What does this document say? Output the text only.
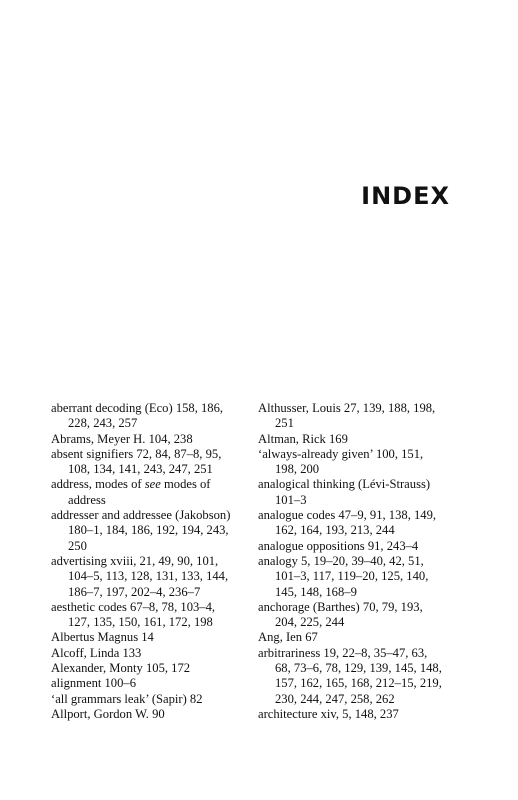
INDEX
aberrant decoding (Eco) 158, 186,
228, 243, 257
Abrams, Meyer H. 104, 238
absent signifiers 72, 84, 87–8, 95,
108, 134, 141, 243, 247, 251
address, modes of see modes of
address
addresser and addressee (Jakobson)
180–1, 184, 186, 192, 194, 243,
250
advertising xviii, 21, 49, 90, 101,
104–5, 113, 128, 131, 133, 144,
186–7, 197, 202–4, 236–7
aesthetic codes 67–8, 78, 103–4,
127, 135, 150, 161, 172, 198
Albertus Magnus 14
Alcoff, Linda 133
Alexander, Monty 105, 172
alignment 100–6
‘all grammars leak’ (Sapir) 82
Allport, Gordon W. 90
Althusser, Louis 27, 139, 188, 198,
251
Altman, Rick 169
‘always-already given’ 100, 151,
198, 200
analogical thinking (Lévi-Strauss)
101–3
analogue codes 47–9, 91, 138, 149,
162, 164, 193, 213, 244
analogue oppositions 91, 243–4
analogy 5, 19–20, 39–40, 42, 51,
101–3, 117, 119–20, 125, 140,
145, 148, 168–9
anchorage (Barthes) 70, 79, 193,
204, 225, 244
Ang, Ien 67
arbitrariness 19, 22–8, 35–47, 63,
68, 73–6, 78, 129, 139, 145, 148,
157, 162, 165, 168, 212–15, 219,
230, 244, 247, 258, 262
architecture xiv, 5, 148, 237
